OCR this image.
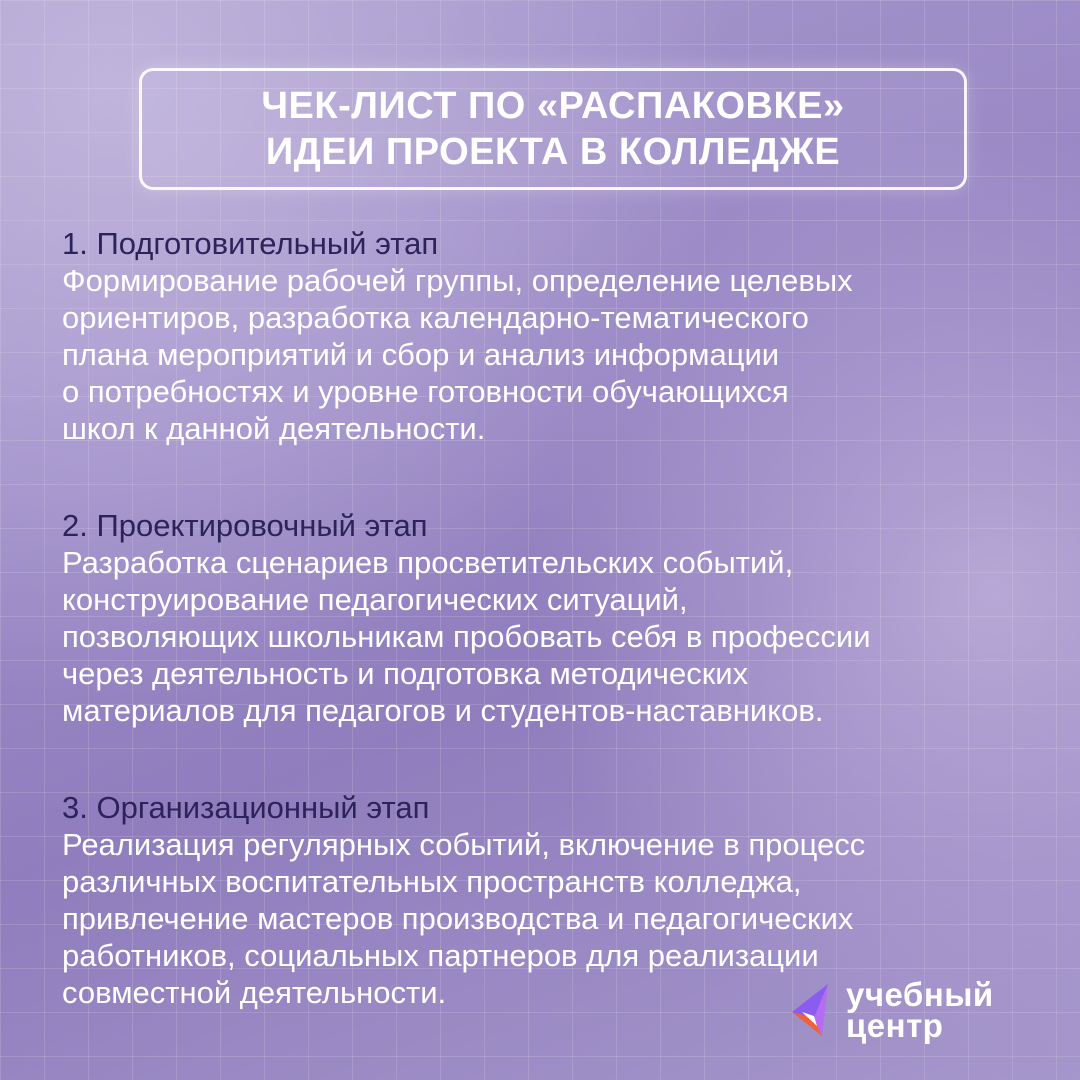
ЧЕК-ЛИСТ ПО «РАСПАКОВКЕ»
ИДЕИ ПРОЕКТА В КОЛЛЕДЖЕ
1. Подготовительный этап
Формирование рабочей группы, определение целевых
ориентиров, разработка календарно-тематического
плана мероприятий и сбор и анализ информации
о потребностях и уровне готовности обучающихся
школ к данной деятельности.
2. Проектировочный этап
Разработка сценариев просветительских событий,
конструирование педагогических ситуаций,
позволяющих школьникам пробовать себя в профессии
через деятельность и подготовка методических
материалов для педагогов и студентов-наставников.
3. Организационный этап
Реализация регулярных событий, включение в процесс
различных воспитательных пространств колледжа,
привлечение мастеров производства и педагогических
работников, социальных партнеров для реализации
совместной деятельности.	учебный
центр
